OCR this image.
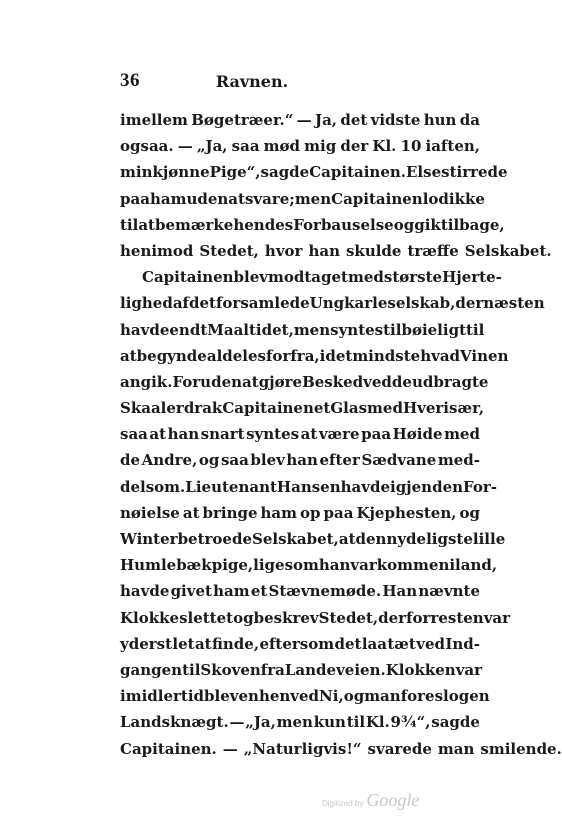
36	Ravnen.
imellem Bøgetræer.“ — Ja, det vidste hun da
ogsaa. — „Ja, saa mød mig der Kl. 10 iaften,
min kjønne Pige“, sagde Capitainen. Else stirrede
paa ham uden at svare; men Capitainen lod ikke
til at bemærke hendes Forbauselse og gik tilbage,
henimod Stedet, hvor han skulde træffe Selskabet.
Capitainen blev modtaget med største Hjerte-
lighed af det forsamlede Ungkarleselskab, der næsten
havde endt Maaltidet, men syntes tilbøieligt til
at begynde aldeles forfra, idetmindste hvad Vinen
angik. Foruden at gjøre Besked ved de udbragte
Skaaler drak Capitainen et Glas med Hver især,
saa at han snart syntes at være paa Høide med
de Andre, og saa blev han efter Sædvane med-
delsom. Lieutenant Hansen havde igjen den For-
nøielse at bringe ham op paa Kjephesten, og
Winter betroede Selskabet, at den nydeligste lille
Humlebækpige, ligesom han var kommen iland,
havde givet ham et Stævnemøde. Han nævnte
Klokkeslettet og beskrev Stedet, der forresten var
yderst let at finde, eftersom det laa tæt ved Ind-
gangen til Skoven fra Landeveien. Klokken var
imidlertid bleven henved Ni, og man foreslog en
Landsknægt. — „Ja, men kun til Kl. 9¾“, sagde
Capitainen. — „Naturligvis!“ svarede man smilende.
Digitized by Google
